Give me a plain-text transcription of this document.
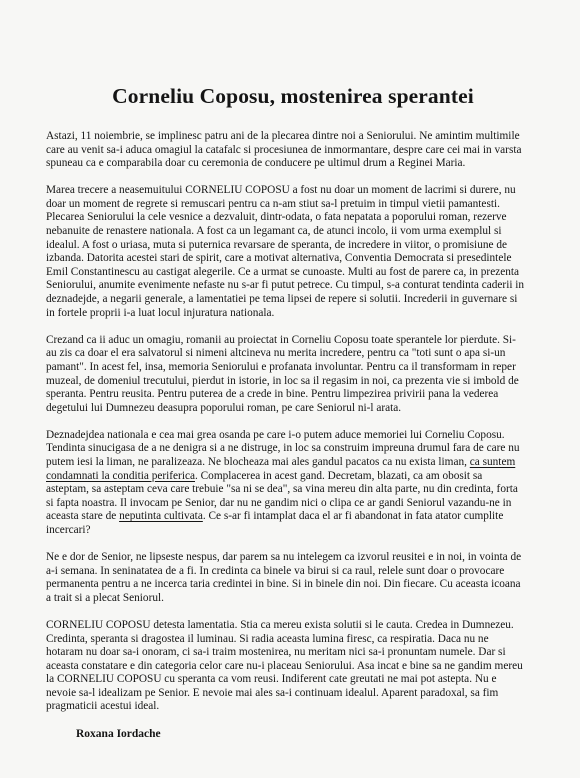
Corneliu Coposu, mostenirea sperantei
Astazi, 11 noiembrie, se implinesc patru ani de la plecarea dintre noi a Seniorului. Ne amintim multimile
care au venit sa-i aduca omagiul la catafalc si procesiunea de inmormantare, despre care cei mai in varsta
spuneau ca e comparabila doar cu ceremonia de conducere pe ultimul drum a Reginei Maria.
Marea trecere a neasemuitului CORNELIU COPOSU a fost nu doar un moment de lacrimi si durere, nu
doar un moment de regrete si remuscari pentru ca n-am stiut sa-l pretuim in timpul vietii pamantesti.
Plecarea Seniorului la cele vesnice a dezvaluit, dintr-odata, o fata nepatata a poporului roman, rezerve
nebanuite de renastere nationala. A fost ca un legamant ca, de atunci incolo, ii vom urma exemplul si
idealul. A fost o uriasa, muta si puternica revarsare de speranta, de incredere in viitor, o promisiune de
izbanda. Datorita acestei stari de spirit, care a motivat alternativa, Conventia Democrata si presedintele
Emil Constantinescu au castigat alegerile. Ce a urmat se cunoaste. Multi au fost de parere ca, in prezenta
Seniorului, anumite evenimente nefaste nu s-ar fi putut petrece. Cu timpul, s-a conturat tendinta caderii in
deznadejde, a negarii generale, a lamentatiei pe tema lipsei de repere si solutii. Increderii in guvernare si
in fortele proprii i-a luat locul injuratura nationala.
Crezand ca ii aduc un omagiu, romanii au proiectat in Corneliu Coposu toate sperantele lor pierdute. Si-
au zis ca doar el era salvatorul si nimeni altcineva nu merita incredere, pentru ca "toti sunt o apa si-un
pamant". In acest fel, insa, memoria Seniorului e profanata involuntar. Pentru ca il transformam in reper
muzeal, de domeniul trecutului, pierdut in istorie, in loc sa il regasim in noi, ca prezenta vie si imbold de
speranta. Pentru reusita. Pentru puterea de a crede in bine. Pentru limpezirea privirii pana la vederea
degetului lui Dumnezeu deasupra poporului roman, pe care Seniorul ni-l arata.
Deznadejdea nationala e cea mai grea osanda pe care i-o putem aduce memoriei lui Corneliu Coposu.
Tendinta sinucigasa de a ne denigra si a ne distruge, in loc sa construim impreuna drumul fara de care nu
putem iesi la liman, ne paralizeaza. Ne blocheaza mai ales gandul pacatos ca nu exista liman, ca suntem
condamnati la conditia periferica. Complacerea in acest gand. Decretam, blazati, ca am obosit sa
asteptam, sa asteptam ceva care trebuie "sa ni se dea", sa vina mereu din alta parte, nu din credinta, forta
si fapta noastra. Il invocam pe Senior, dar nu ne gandim nici o clipa ce ar gandi Seniorul vazandu-ne in
aceasta stare de neputinta cultivata. Ce s-ar fi intamplat daca el ar fi abandonat in fata atator cumplite
incercari?
Ne e dor de Senior, ne lipseste nespus, dar parem sa nu intelegem ca izvorul reusitei e in noi, in vointa de
a-i semana. In seninatatea de a fi. In credinta ca binele va birui si ca raul, relele sunt doar o provocare
permanenta pentru a ne incerca taria credintei in bine. Si in binele din noi. Din fiecare. Cu aceasta icoana
a trait si a plecat Seniorul.
CORNELIU COPOSU detesta lamentatia. Stia ca mereu exista solutii si le cauta. Credea in Dumnezeu.
Credinta, speranta si dragostea il luminau. Si radia aceasta lumina firesc, ca respiratia. Daca nu ne
hotaram nu doar sa-i onoram, ci sa-i traim mostenirea, nu meritam nici sa-i pronuntam numele. Dar si
aceasta constatare e din categoria celor care nu-i placeau Seniorului. Asa incat e bine sa ne gandim mereu
la CORNELIU COPOSU cu speranta ca vom reusi. Indiferent cate greutati ne mai pot astepta. Nu e
nevoie sa-l idealizam pe Senior. E nevoie mai ales sa-i continuam idealul. Aparent paradoxal, sa fim
pragmaticii acestui ideal.
Roxana Iordache
